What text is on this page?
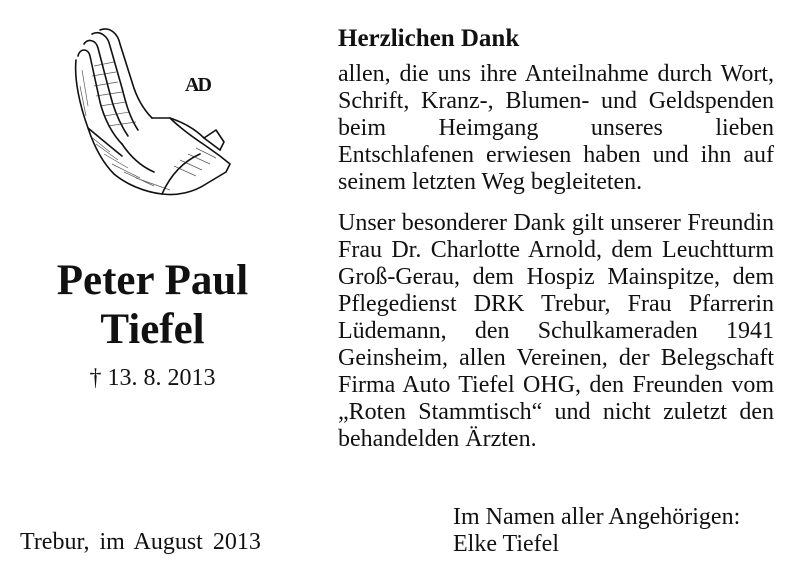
AD
Peter Paul
Tiefel
† 13. 8. 2013
Trebur, im August 2013
Herzlichen Dank
allen, die uns ihre Anteilnahme durch Wort, Schrift, Kranz-, Blumen- und Geldspenden beim Heimgang unseres lieben Entschlafenen erwiesen haben und ihn auf seinem letzten Weg begleiteten.
Unser besonderer Dank gilt unserer Freundin Frau Dr. Charlotte Arnold, dem Leuchtturm Groß-Gerau, dem Hospiz Mainspitze, dem Pflegedienst DRK Trebur, Frau Pfarrerin Lüdemann, den Schulkameraden 1941 Geinsheim, allen Vereinen, der Belegschaft Firma Auto Tiefel OHG, den Freunden vom „Roten Stammtisch“ und nicht zuletzt den behandelden Ärzten.
Im Namen aller Angehörigen:
Elke Tiefel
